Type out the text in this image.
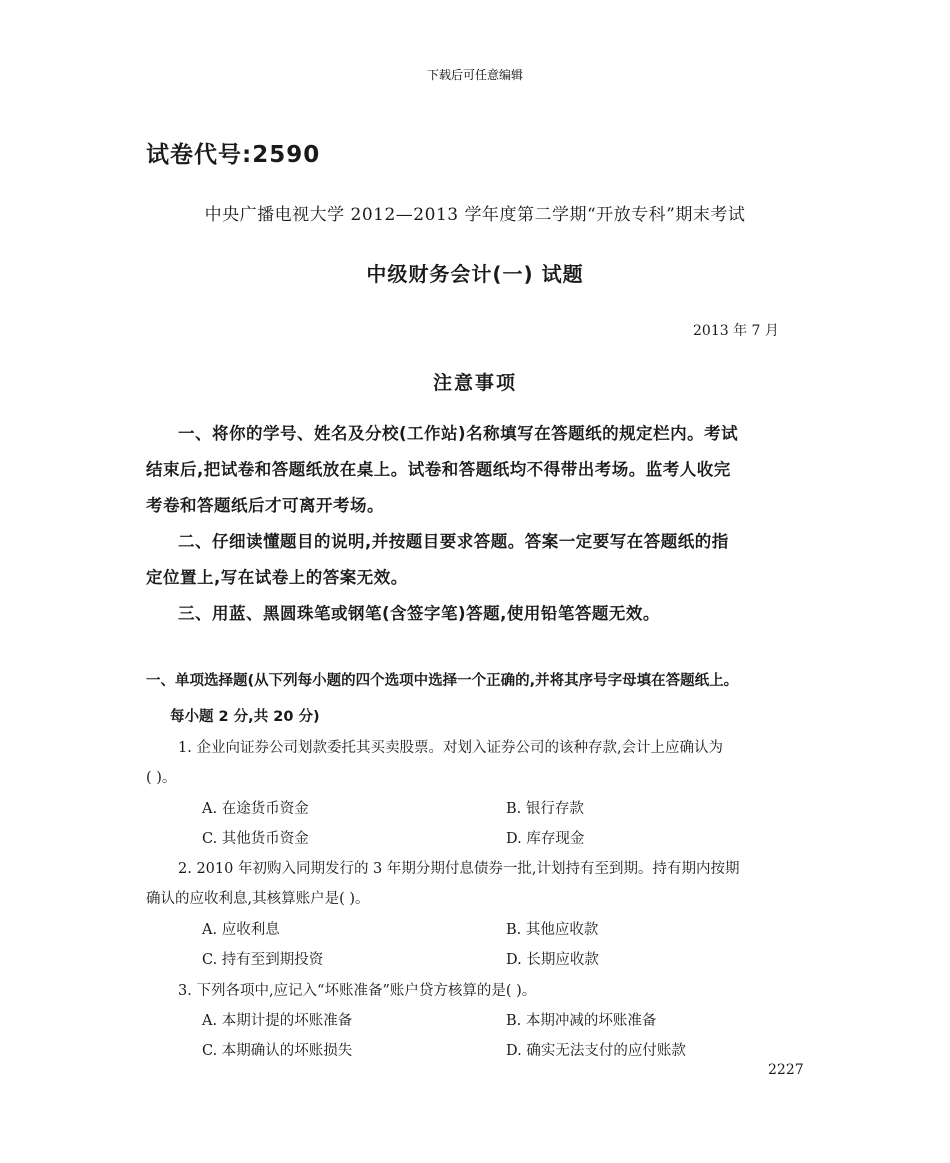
下载后可任意编辑
试卷代号:2590
中央广播电视大学 2012—2013 学年度第二学期“开放专科”期末考试
中级财务会计(一) 试题
2013 年 7 月
注意事项
一、将你的学号、姓名及分校(工作站)名称填写在答题纸的规定栏内。考试
结束后,把试卷和答题纸放在桌上。试卷和答题纸均不得带出考场。监考人收完
考卷和答题纸后才可离开考场。
二、仔细读懂题目的说明,并按题目要求答题。答案一定要写在答题纸的指
定位置上,写在试卷上的答案无效。
三、用蓝、黑圆珠笔或钢笔(含签字笔)答题,使用铅笔答题无效。
一、单项选择题(从下列每小题的四个选项中选择一个正确的,并将其序号字母填在答题纸上。
每小题 2 分,共 20 分)
1. 企业向证券公司划款委托其买卖股票。对划入证券公司的该种存款,会计上应确认为
( )。
A. 在途货币资金	B. 银行存款
C. 其他货币资金	D. 库存现金
2. 2010 年初购入同期发行的 3 年期分期付息债券一批,计划持有至到期。持有期内按期
确认的应收利息,其核算账户是( )。
A. 应收利息	B. 其他应收款
C. 持有至到期投资	D. 长期应收款
3. 下列各项中,应记入“坏账准备”账户贷方核算的是( )。
A. 本期计提的坏账准备	B. 本期冲减的坏账准备
C. 本期确认的坏账损失	D. 确实无法支付的应付账款
2227
